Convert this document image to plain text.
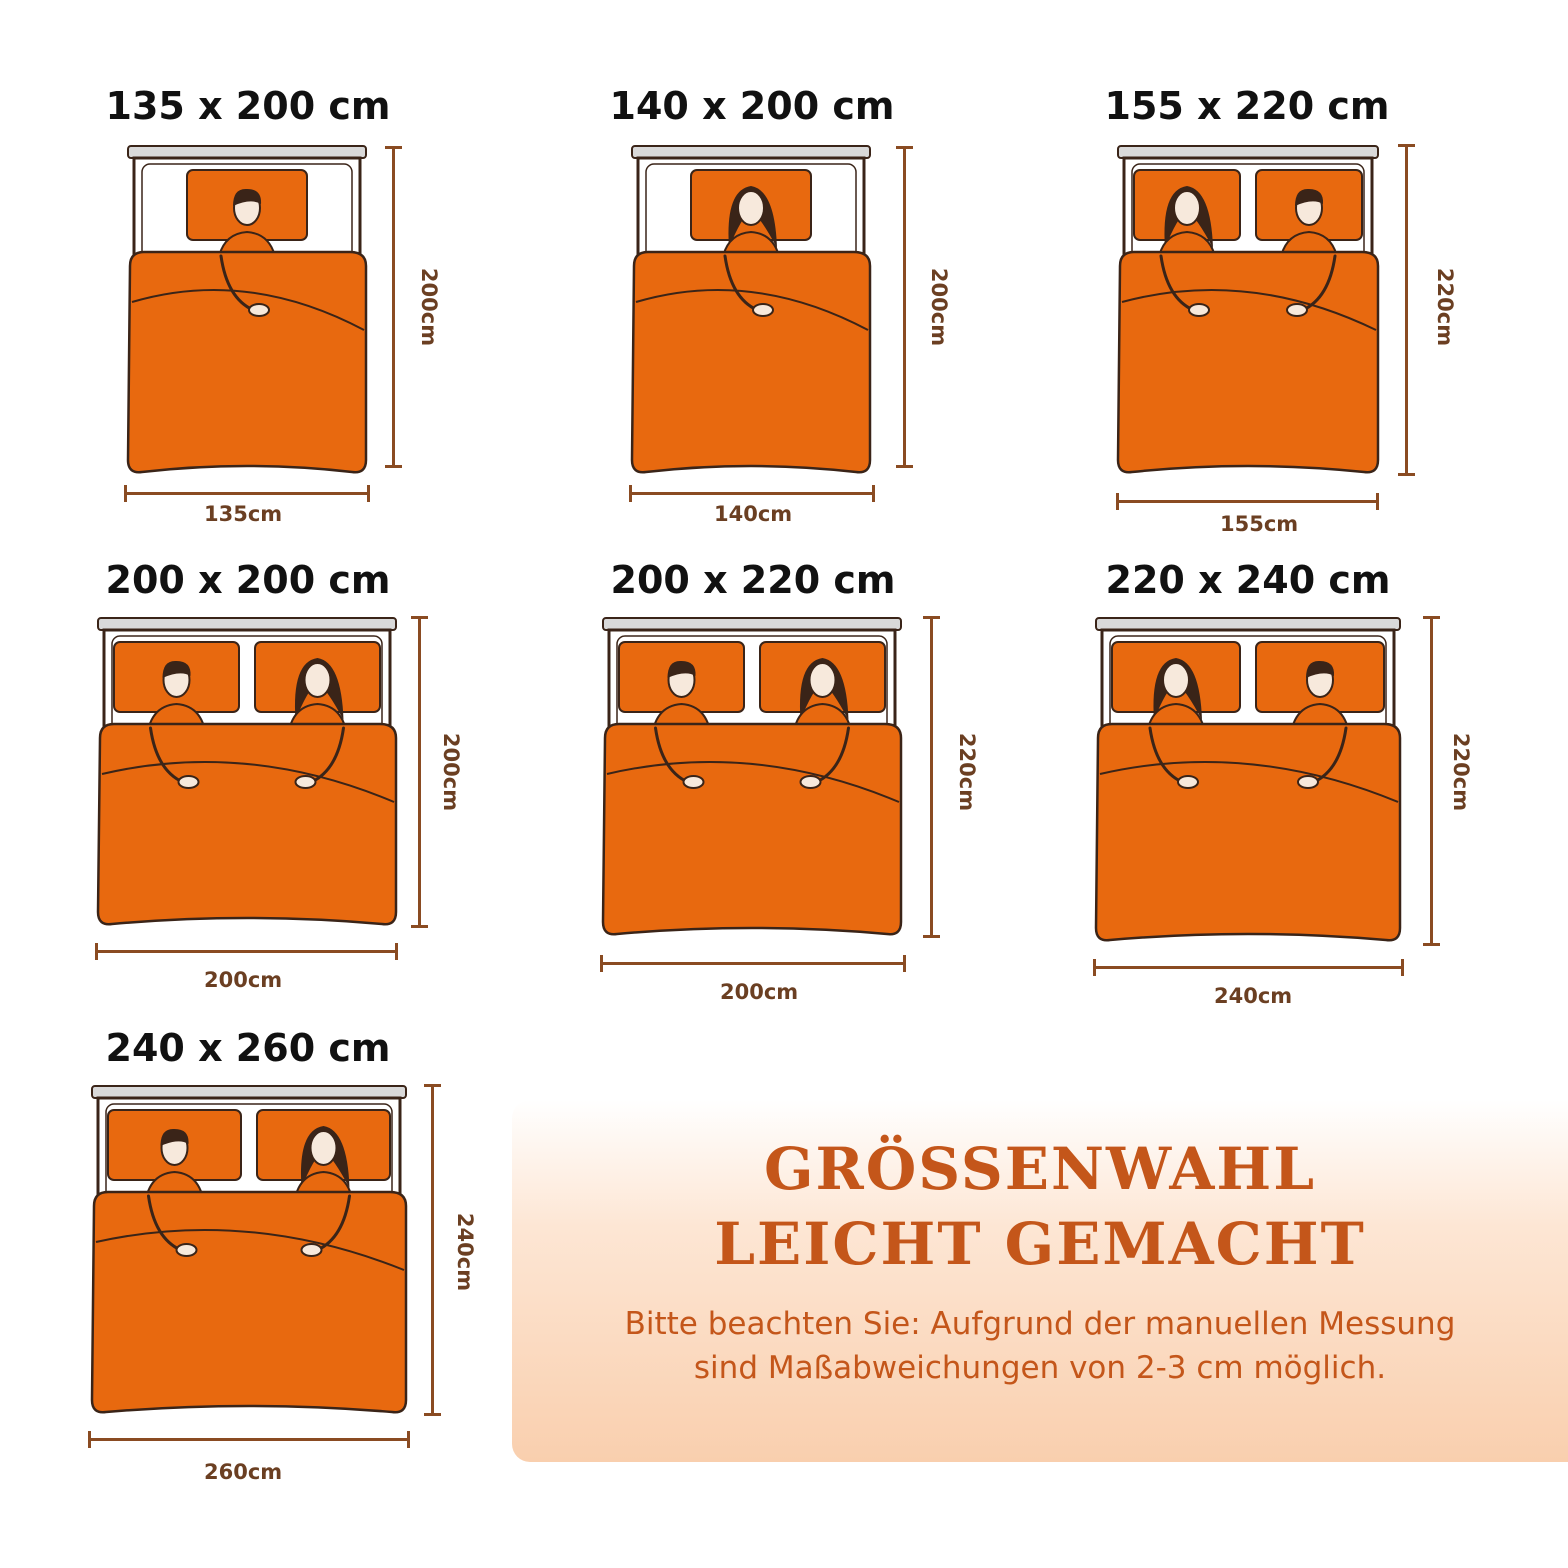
135 x 200 cm
200cm
135cm
140 x 200 cm
200cm
140cm
155 x 220 cm
220cm
155cm
200 x 200 cm
200cm
200cm
200 x 220 cm
220cm
200cm
220 x 240 cm
220cm
240cm
240 x 260 cm
240cm
260cm
GRÖSSENWAHL
LEICHT GEMACHT
Bitte beachten Sie: Aufgrund der manuellen Messung
sind Maßabweichungen von 2-3 cm möglich.
